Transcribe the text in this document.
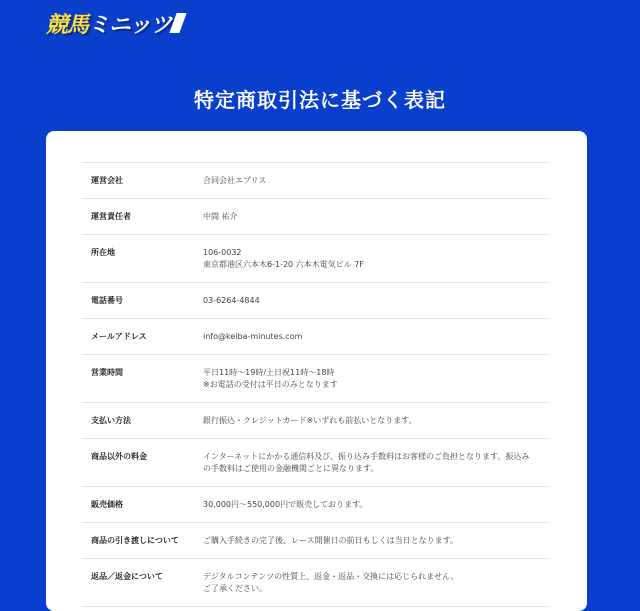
競馬ミニッツ
特定商取引法に基づく表記
運営会社	合同会社エプリス
運営責任者	中間 祐介
所在地	106-0032
東京都港区六本木6-1-20 六本木電気ビル 7F
電話番号	03-6264-4844
メールアドレス	info@keiba-minutes.com
営業時間	平日11時〜19時/土日祝11時〜18時
※お電話の受付は平日のみとなります
支払い方法	銀行振込・クレジットカード※いずれも前払いとなります。
商品以外の料金	インターネットにかかる通信料及び、振り込み手数料はお客様のご負担となります。振込み
の手数料はご使用の金融機関ごとに異なります。
販売価格	30,000円〜550,000円で販売しております。
商品の引き渡しについて	ご購入手続きの完了後、レース開催日の前日もしくは当日となります。
返品／返金について	デジタルコンテンツの性質上、返金・返品・交換には応じられません。
ご了承ください。
